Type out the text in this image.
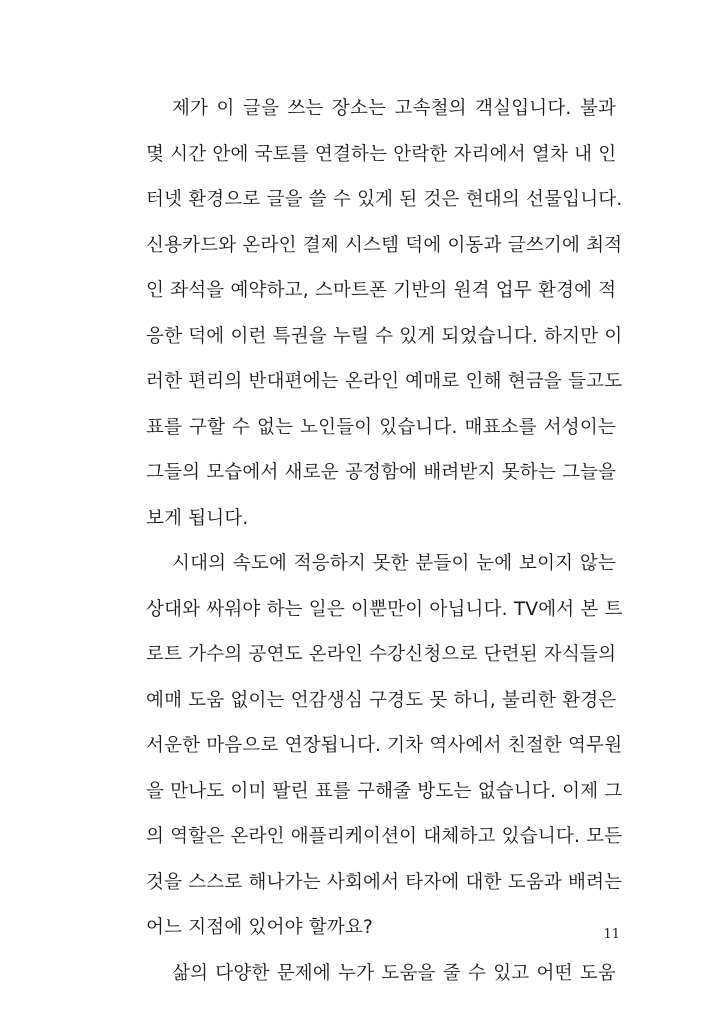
제가 이 글을 쓰는 장소는 고속철의 객실입니다. 불과
몇 시간 안에 국토를 연결하는 안락한 자리에서 열차 내 인
터넷 환경으로 글을 쓸 수 있게 된 것은 현대의 선물입니다.
신용카드와 온라인 결제 시스템 덕에 이동과 글쓰기에 최적
인 좌석을 예약하고, 스마트폰 기반의 원격 업무 환경에 적
응한 덕에 이런 특권을 누릴 수 있게 되었습니다. 하지만 이
러한 편리의 반대편에는 온라인 예매로 인해 현금을 들고도
표를 구할 수 없는 노인들이 있습니다. 매표소를 서성이는
그들의 모습에서 새로운 공정함에 배려받지 못하는 그늘을
보게 됩니다.
시대의 속도에 적응하지 못한 분들이 눈에 보이지 않는
상대와 싸워야 하는 일은 이뿐만이 아닙니다. TV에서 본 트
로트 가수의 공연도 온라인 수강신청으로 단련된 자식들의
예매 도움 없이는 언감생심 구경도 못 하니, 불리한 환경은
서운한 마음으로 연장됩니다. 기차 역사에서 친절한 역무원
을 만나도 이미 팔린 표를 구해줄 방도는 없습니다. 이제 그
의 역할은 온라인 애플리케이션이 대체하고 있습니다. 모든
것을 스스로 해나가는 사회에서 타자에 대한 도움과 배려는
어느 지점에 있어야 할까요?
삶의 다양한 문제에 누가 도움을 줄 수 있고 어떤 도움
11
